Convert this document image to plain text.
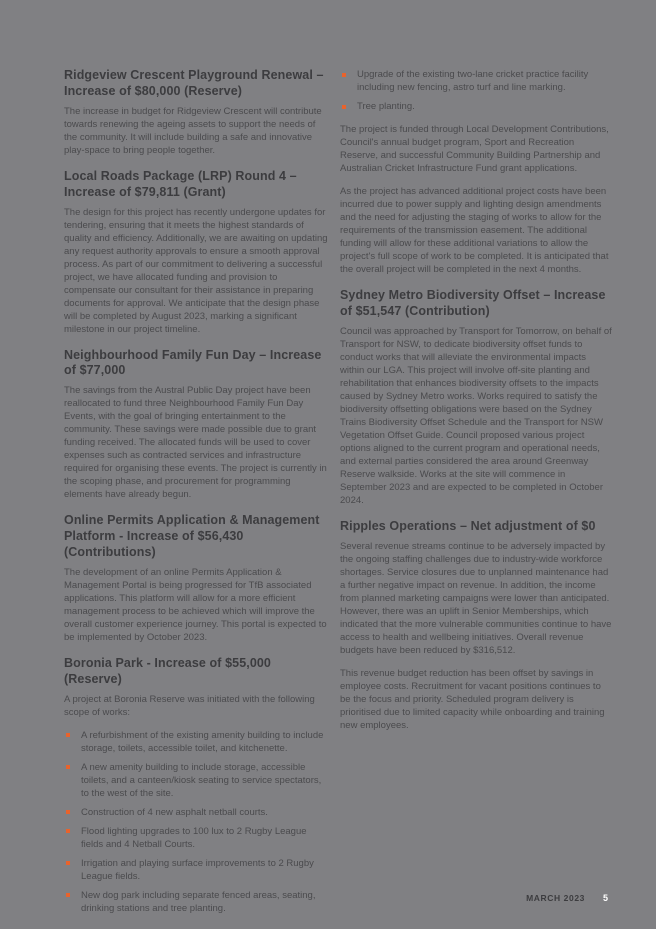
Ridgeview Crescent Playground Renewal – Increase of $80,000 (Reserve)

The increase in budget for Ridgeview Crescent will contribute towards renewing the ageing assets to support the needs of the community. It will include building a safe and innovative play-space to bring people together.

Local Roads Package (LRP) Round 4 – Increase of $79,811 (Grant)

The design for this project has recently undergone updates for tendering, ensuring that it meets the highest standards of quality and efficiency. Additionally, we are awaiting on updating any request authority approvals to ensure a smooth approval process. As part of our commitment to delivering a successful project, we have allocated funding and provision to compensate our consultant for their assistance in preparing documents for approval. We anticipate that the design phase will be completed by August 2023, marking a significant milestone in our project timeline.

Neighbourhood Family Fun Day – Increase of $77,000

The savings from the Austral Public Day project have been reallocated to fund three Neighbourhood Family Fun Day Events, with the goal of bringing entertainment to the community. These savings were made possible due to grant funding received. The allocated funds will be used to cover expenses such as contracted services and infrastructure required for organising these events. The project is currently in the scoping phase, and procurement for programming elements have already begun.

Online Permits Application & Management Platform - Increase of $56,430 (Contributions)

The development of an online Permits Application & Management Portal is being progressed for TfB associated applications. This platform will allow for a more efficient management process to be achieved which will improve the overall customer experience journey. This portal is expected to be implemented by October 2023.

Boronia Park - Increase of $55,000 (Reserve)

A project at Boronia Reserve was initiated with the following scope of works:

A refurbishment of the existing amenity building to include storage, toilets, accessible toilet, and kitchenette.
A new amenity building to include storage, accessible toilets, and a canteen/kiosk seating to service spectators, to the west of the site.
Construction of 4 new asphalt netball courts.
Flood lighting upgrades to 100 lux to 2 Rugby League fields and 4 Netball Courts.
Irrigation and playing surface improvements to 2 Rugby League fields.
New dog park including separate fenced areas, seating, drinking stations and tree planting.
Upgrade of the existing two-lane cricket practice facility including new fencing, astro turf and line marking.
Tree planting.

The project is funded through Local Development Contributions, Council's annual budget program, Sport and Recreation Reserve, and successful Community Building Partnership and Australian Cricket Infrastructure Fund grant applications.

As the project has advanced additional project costs have been incurred due to power supply and lighting design amendments and the need for adjusting the staging of works to allow for the requirements of the transmission easement. The additional funding will allow for these additional variations to allow the project's full scope of work to be completed. It is anticipated that the overall project will be completed in the next 4 months.

Sydney Metro Biodiversity Offset – Increase of $51,547 (Contribution)

Council was approached by Transport for Tomorrow, on behalf of Transport for NSW, to dedicate biodiversity offset funds to conduct works that will alleviate the environmental impacts within our LGA. This project will involve off-site planting and rehabilitation that enhances biodiversity offsets to the impacts caused by Sydney Metro works. Works required to satisfy the biodiversity offsetting obligations were based on the Sydney Trains Biodiversity Offset Schedule and the Transport for NSW Vegetation Offset Guide. Council proposed various project options aligned to the current program and operational needs, and external parties considered the area around Greenway Reserve walkside. Works at the site will commence in September 2023 and are expected to be completed in October 2024.

Ripples Operations – Net adjustment of $0

Several revenue streams continue to be adversely impacted by the ongoing staffing challenges due to industry-wide workforce shortages. Service closures due to unplanned maintenance had a further negative impact on revenue. In addition, the income from planned marketing campaigns were lower than anticipated. However, there was an uplift in Senior Memberships, which indicated that the more vulnerable communities continue to have access to health and wellbeing initiatives. Overall revenue budgets have been reduced by $316,512.

This revenue budget reduction has been offset by savings in employee costs. Recruitment for vacant positions continues to be the focus and priority. Scheduled program delivery is prioritised due to limited capacity while onboarding and training new employees.

MARCH 2023 5
